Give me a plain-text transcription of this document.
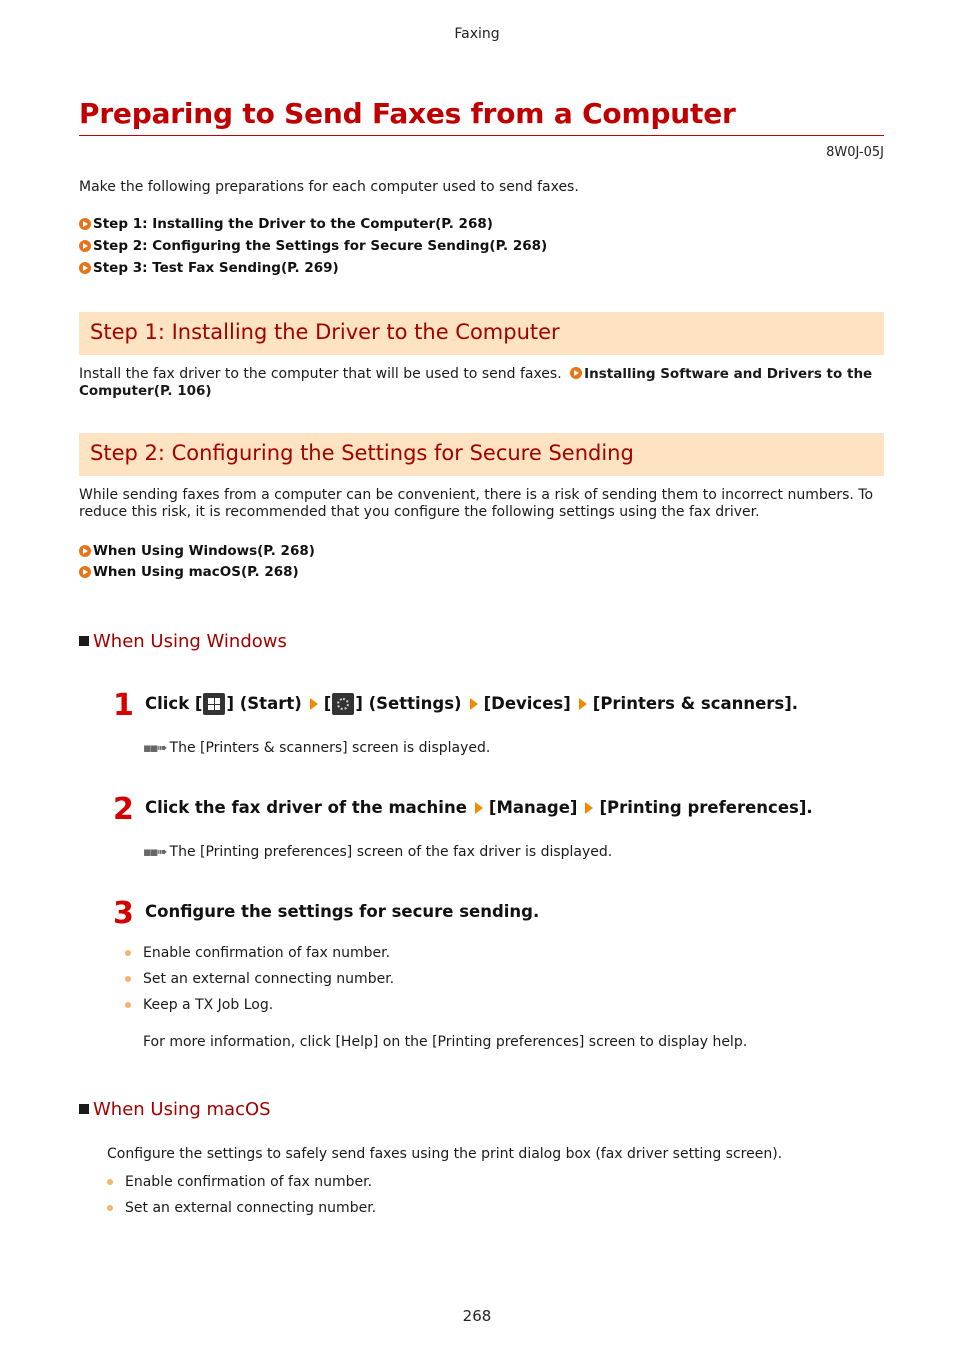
Faxing
Preparing to Send Faxes from a Computer
8W0J-05J
Make the following preparations for each computer used to send faxes.
Step 1: Installing the Driver to the Computer(P. 268)
Step 2: Configuring the Settings for Secure Sending(P. 268)
Step 3: Test Fax Sending(P. 269)
Step 1: Installing the Driver to the Computer
Install the fax driver to the computer that will be used to send faxes. Installing Software and Drivers to the
Computer(P. 106)
Step 2: Configuring the Settings for Secure Sending
While sending faxes from a computer can be convenient, there is a risk of sending them to incorrect numbers. To
reduce this risk, it is recommended that you configure the following settings using the fax driver.
When Using Windows(P. 268)
When Using macOS(P. 268)
When Using Windows
1 Click [ ] (Start) [ ] (Settings) [Devices] [Printers & scanners].
▪▪➠ The [Printers & scanners] screen is displayed.
2 Click the fax driver of the machine [Manage] [Printing preferences].
▪▪➠ The [Printing preferences] screen of the fax driver is displayed.
3 Configure the settings for secure sending.
Enable confirmation of fax number.
Set an external connecting number.
Keep a TX Job Log.
For more information, click [Help] on the [Printing preferences] screen to display help.
When Using macOS
Configure the settings to safely send faxes using the print dialog box (fax driver setting screen).
Enable confirmation of fax number.
Set an external connecting number.
268
